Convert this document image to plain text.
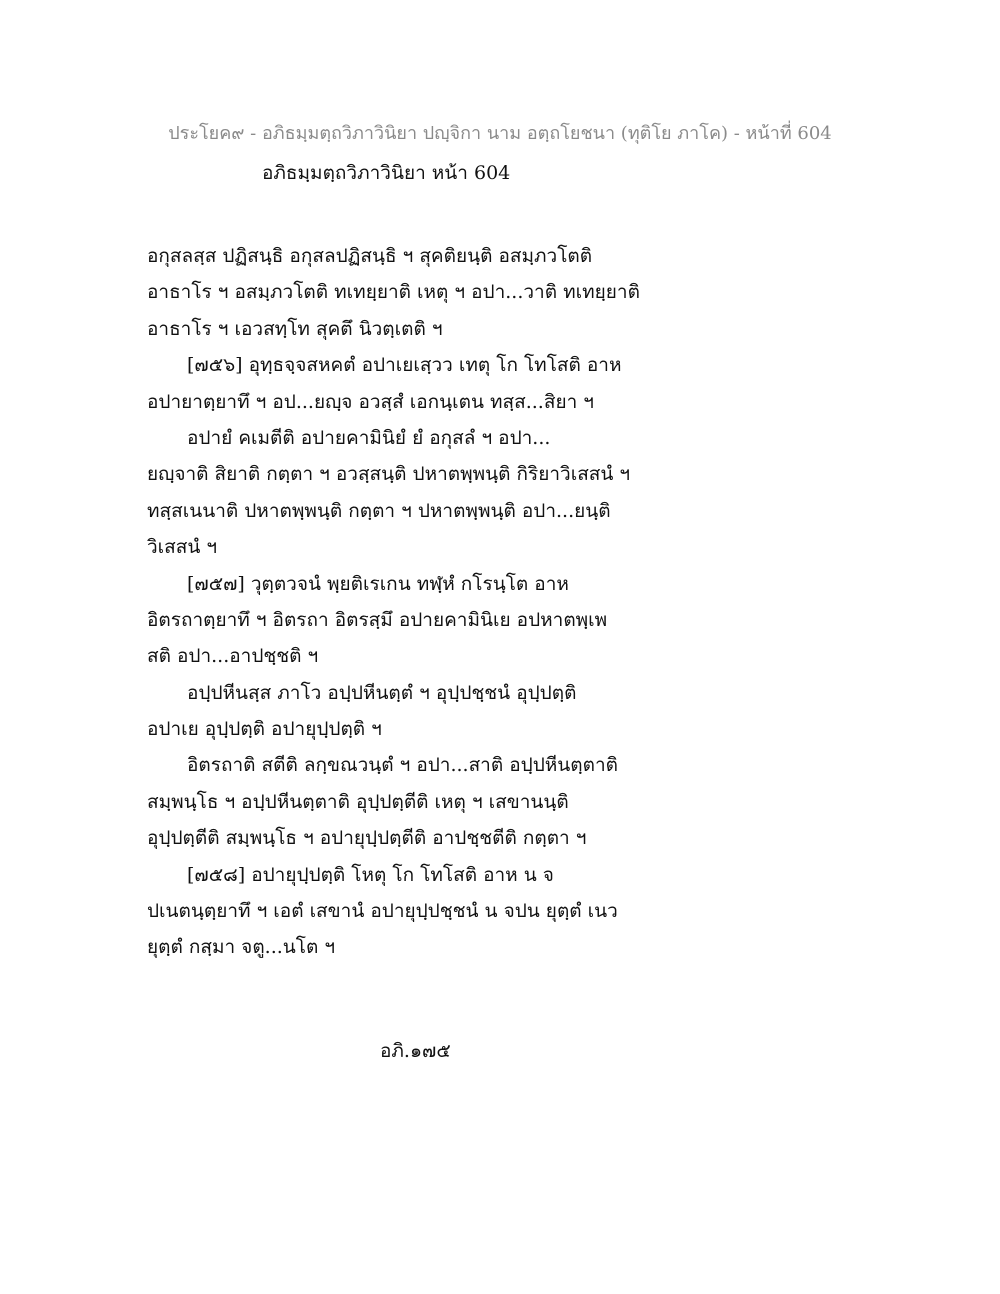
ประโยค๙ - อภิธมฺมตฺถวิภาวินิยา ปญฺจิกา นาม อตฺถโยชนา (ทุติโย ภาโค) - หน้าที่ 604
อภิธมฺมตฺถวิภาวินิยา หน้า 604
อกุสลสฺส ปฏิสนฺธิ อกุสลปฏิสนฺธิ ฯ สุคติยนฺติ อสมฺภวโตติ
อาธาโร ฯ อสมฺภวโตติ ทเทยฺยาติ เหตุ ฯ อปา...วาติ ทเทยฺยาติ
อาธาโร ฯ เอวสทฺโท สุคตึ นิวตฺเตติ ฯ
[๗๕๖] อุทฺธจฺจสหคตํ อปาเยเสฺวว เทตุ โก โทโสติ อาห
อปายาตฺยาทึ ฯ อป...ยญฺจ อวสฺสํ เอกนฺเตน ทสฺส...สิยา ฯ
อปายํ คเมตีติ อปายคามินิยํ ยํ อกุสลํ ฯ อปา...
ยญฺจาติ สิยาติ กตฺตา ฯ อวสฺสนฺติ ปหาตพฺพนฺติ กิริยาวิเสสนํ ฯ
ทสฺสเนนาติ ปหาตพฺพนฺติ กตฺตา ฯ ปหาตพฺพนฺติ อปา...ยนฺติ
วิเสสนํ ฯ
[๗๕๗] วุตฺตวจนํ พฺยติเรเกน ทฬฺหํ กโรนฺโต อาห
อิตรถาตฺยาทึ ฯ อิตรถา อิตรสฺมึ อปายคามินิเย อปหาตพฺเพ
สติ อปา...อาปชฺชติ ฯ
อปฺปหีนสฺส ภาโว อปฺปหีนตฺตํ ฯ อุปฺปชฺชนํ อุปฺปตฺติ
อปาเย อุปฺปตฺติ อปายุปฺปตฺติ ฯ
อิตรถาติ สตีติ ลกฺขณวนฺตํ ฯ อปา...สาติ อปฺปหีนตฺตาติ
สมฺพนฺโธ ฯ อปฺปหีนตฺตาติ อุปฺปตฺตีติ เหตุ ฯ เสขานนฺติ
อุปฺปตฺตีติ สมฺพนฺโธ ฯ อปายุปฺปตฺตีติ อาปชฺชตีติ กตฺตา ฯ
[๗๕๘] อปายุปฺปตฺติ โหตุ โก โทโสติ อาห น จ
ปเนตนฺตฺยาทึ ฯ เอตํ เสขานํ อปายุปฺปชฺชนํ น จปน ยุตฺตํ เนว
ยุตฺตํ กสฺมา จตู...นโต ฯ
อภิ.๑๗๕
